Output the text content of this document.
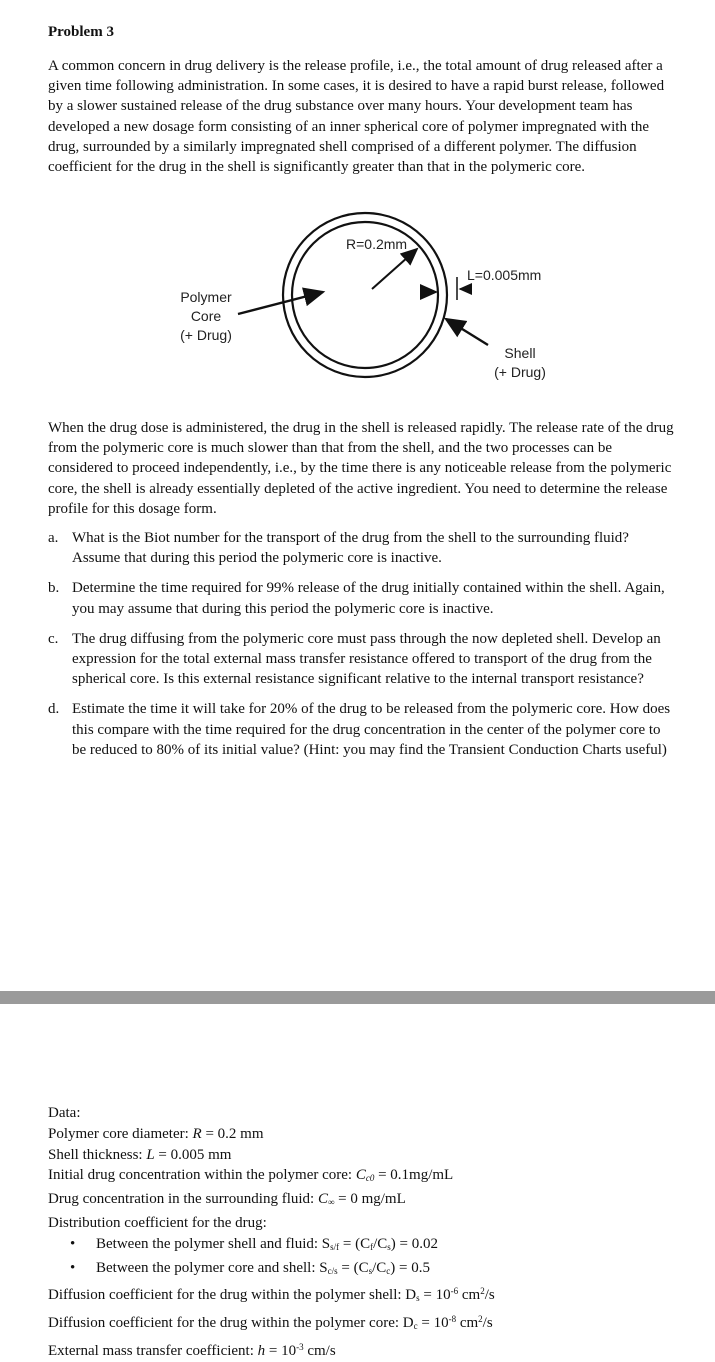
Problem 3
A common concern in drug delivery is the release profile, i.e., the total amount of drug released after a given time following administration. In some cases, it is desired to have a rapid burst release, followed by a slower sustained release of the drug substance over many hours. Your development team has developed a new dosage form consisting of an inner spherical core of polymer impregnated with the drug, surrounded by a similarly impregnated shell comprised of a different polymer. The diffusion coefficient for the drug in the shell is significantly greater than that in the polymeric core.
R=0.2mm
L=0.005mm
Polymer
Core
(+ Drug)
Shell
(+ Drug)
When the drug dose is administered, the drug in the shell is released rapidly. The release rate of the drug from the polymeric core is much slower than that from the shell, and the two processes can be considered to proceed independently, i.e., by the time there is any noticeable release from the polymeric core, the shell is already essentially depleted of the active ingredient. You need to determine the release profile for this dosage form.
a. What is the Biot number for the transport of the drug from the shell to the surrounding fluid? Assume that during this period the polymeric core is inactive.
b. Determine the time required for 99% release of the drug initially contained within the shell. Again, you may assume that during this period the polymeric core is inactive.
c. The drug diffusing from the polymeric core must pass through the now depleted shell. Develop an expression for the total external mass transfer resistance offered to transport of the drug from the spherical core. Is this external resistance significant relative to the internal transport resistance?
d. Estimate the time it will take for 20% of the drug to be released from the polymeric core. How does this compare with the time required for the drug concentration in the center of the polymer core to be reduced to 80% of its initial value? (Hint: you may find the Transient Conduction Charts useful)
Data:
Polymer core diameter: R = 0.2 mm
Shell thickness: L = 0.005 mm
Initial drug concentration within the polymer core: $C_{c0} = 0.1mg/mL$
Drug concentration in the surrounding fluid: $C_\infty = 0$ mg/mL
Distribution coefficient for the drug:
• Between the polymer shell and fluid: $S_{s/f} = (C_f/C_s) = 0.02$
• Between the polymer core and shell: $S_{c/s} = (C_s/C_c) = 0.5$
Diffusion coefficient for the drug within the polymer shell: $D_s = 10^{-6}$ $cm^2/s$
Diffusion coefficient for the drug within the polymer core: $D_c = 10^{-8}$ $cm^2/s$
External mass transfer coefficient: $h = 10^{-3}$ cm/s
